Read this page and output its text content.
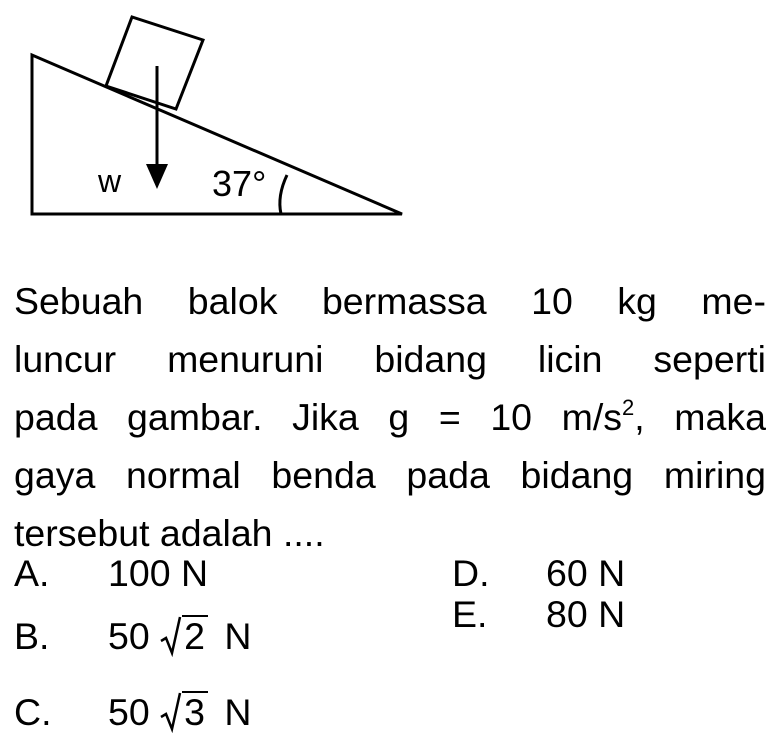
w	37°
Sebuah balok bermassa 10 kg me-
luncur menuruni bidang licin seperti
pada gambar. Jika g = 10 $m/s^2$, maka
gaya normal benda pada bidang miring
tersebut adalah ....
A. 100 N
B. 50 2 N
C. 50 3 N
D. 60 N
E. 80 N
